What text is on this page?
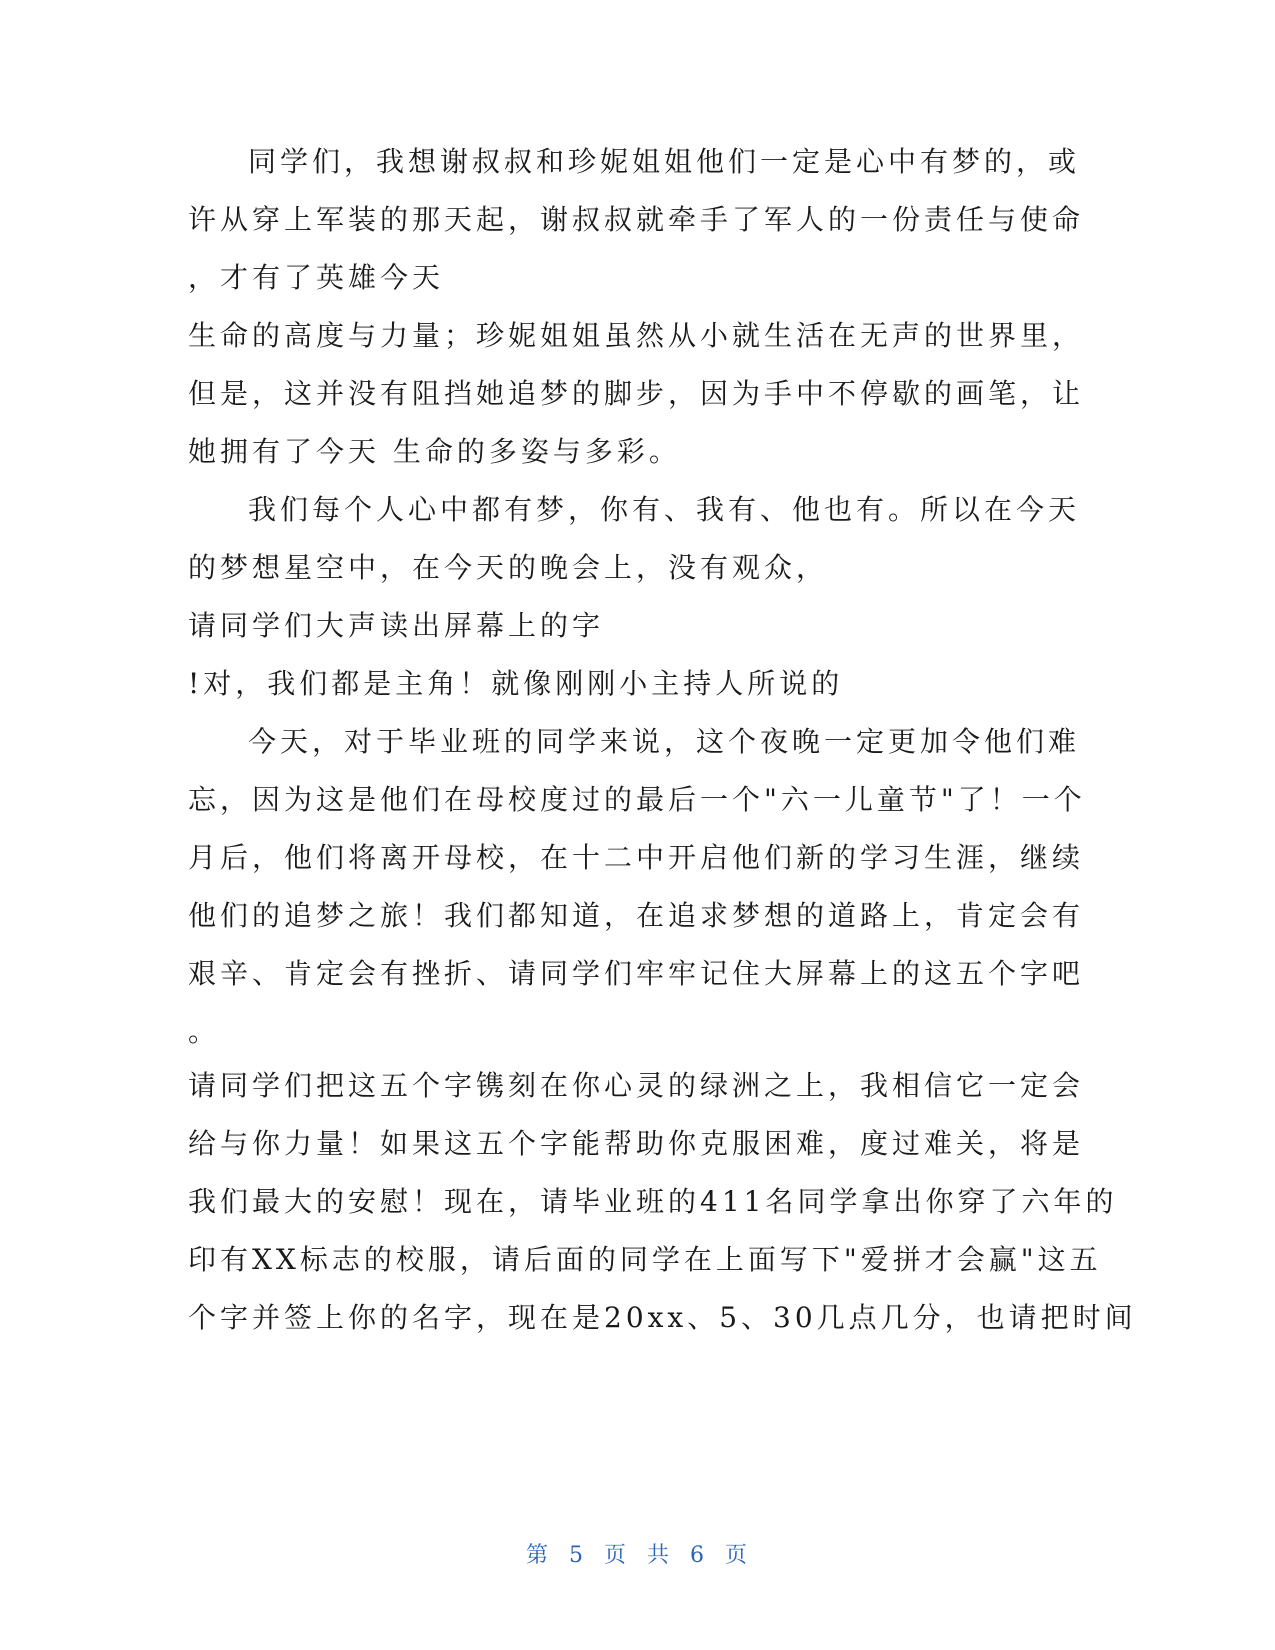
同学们，我想谢叔叔和珍妮姐姐他们一定是心中有梦的，或
许从穿上军装的那天起，谢叔叔就牵手了军人的一份责任与使命
，才有了英雄今天
生命的高度与力量；珍妮姐姐虽然从小就生活在无声的世界里，
但是，这并没有阻挡她追梦的脚步，因为手中不停歇的画笔，让
她拥有了今天 生命的多姿与多彩。
我们每个人心中都有梦，你有、我有、他也有。所以在今天
的梦想星空中，在今天的晚会上，没有观众，
请同学们大声读出屏幕上的字
!对，我们都是主角！就像刚刚小主持人所说的
今天，对于毕业班的同学来说，这个夜晚一定更加令他们难
忘，因为这是他们在母校度过的最后一个"六一儿童节"了！一个
月后，他们将离开母校，在十二中开启他们新的学习生涯，继续
他们的追梦之旅！我们都知道，在追求梦想的道路上，肯定会有
艰辛、肯定会有挫折、请同学们牢牢记住大屏幕上的这五个字吧
。
请同学们把这五个字镌刻在你心灵的绿洲之上，我相信它一定会
给与你力量！如果这五个字能帮助你克服困难，度过难关，将是
我们最大的安慰！现在，请毕业班的411名同学拿出你穿了六年的
印有XX标志的校服，请后面的同学在上面写下"爱拼才会赢"这五
个字并签上你的名字，现在是20xx、5、30几点几分，也请把时间
第 5 页 共 6 页
